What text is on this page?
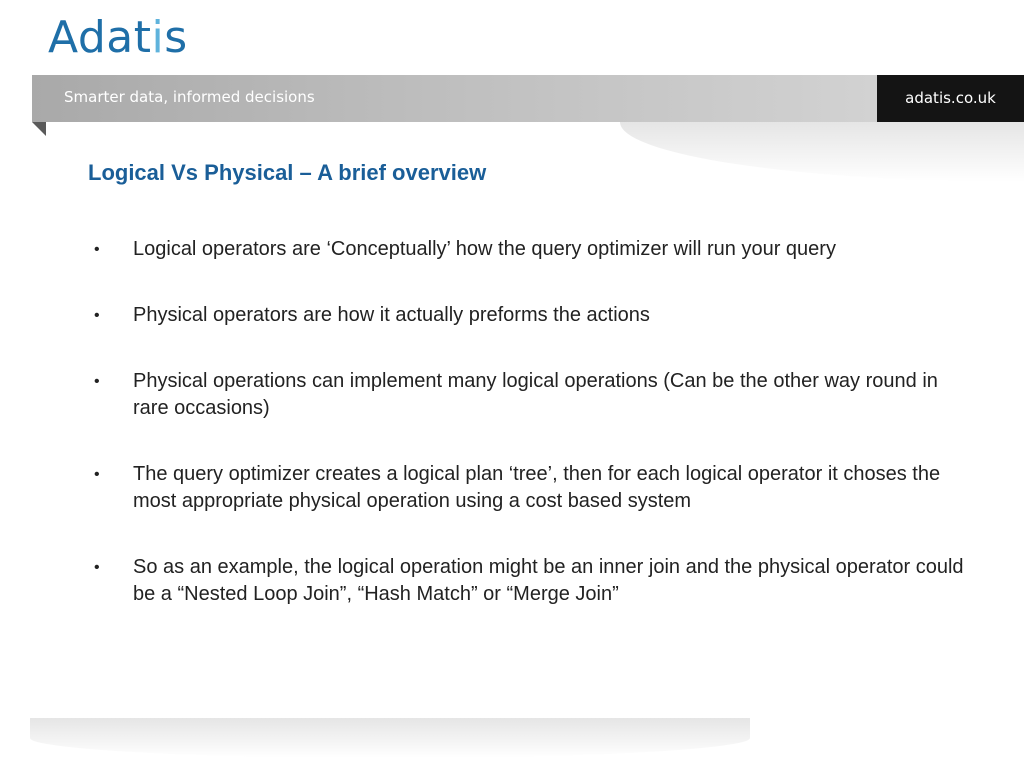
Adatis
Smarter data, informed decisions	adatis.co.uk
Logical Vs Physical – A brief overview
• Logical operators are ‘Conceptually’ how the query optimizer will run your query
• Physical operators are how it actually preforms the actions
• Physical operations can implement many logical operations (Can be the other way round in rare occasions)
• The query optimizer creates a logical plan ‘tree’, then for each logical operator it choses the most appropriate physical operation using a cost based system
• So as an example, the logical operation might be an inner join and the physical operator could be a “Nested Loop Join”, “Hash Match” or “Merge Join”
